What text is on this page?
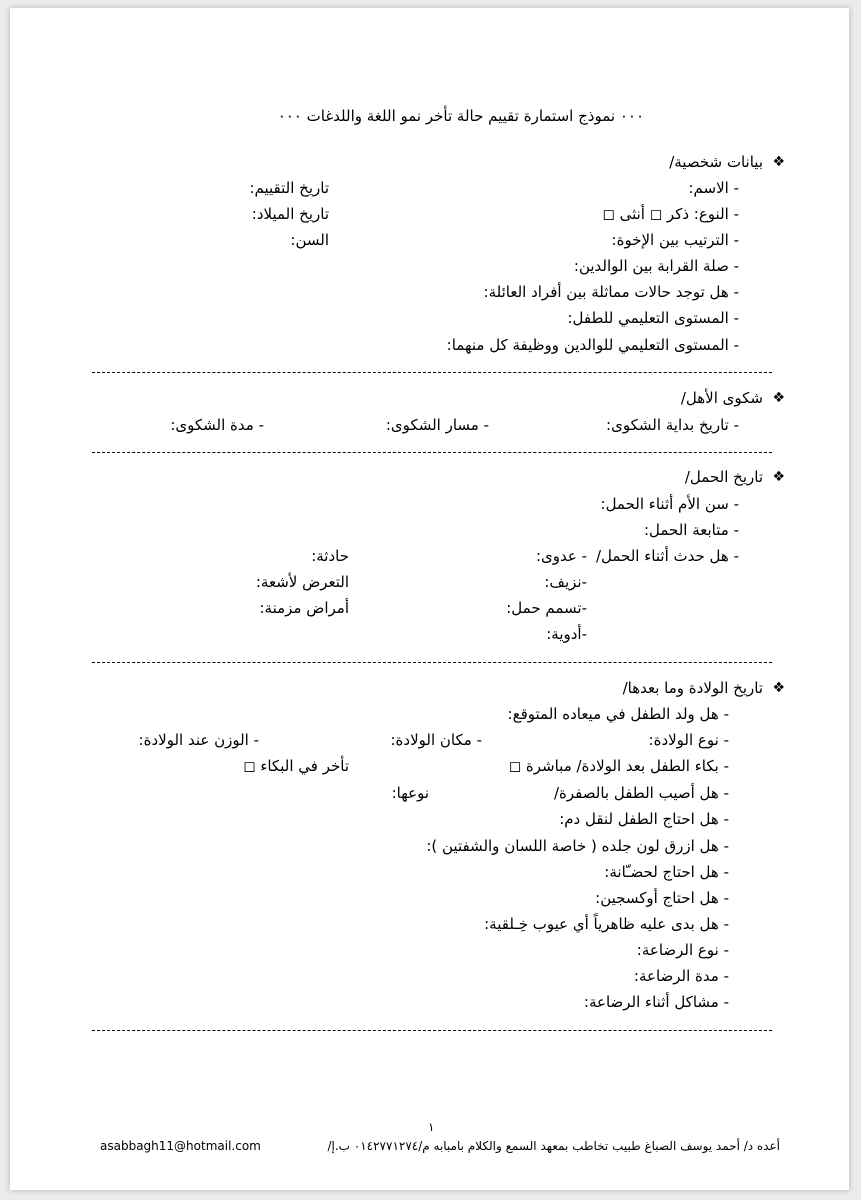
٠٠٠ نموذج استمارة تقييم حالة تأخر نمو اللغة واللدغات ٠٠٠
❖
بيانات شخصية/
- الاسم:
تاريخ التقييم:
- النوع: ذكر ◻ أنثى ◻
تاريخ الميلاد:
- الترتيب بين الإخوة:
السن:
- صلة القرابة بين الوالدين:
- هل توجد حالات مماثلة بين أفراد العائلة:
- المستوى التعليمي للطفل:
- المستوى التعليمي للوالدين ووظيفة كل منهما:
❖
شكوى الأهل/
- تاريخ بداية الشكوى:
- مسار الشكوى:
- مدة الشكوى:
❖
تاريخ الحمل/
- سن الأم أثناء الحمل:
- متابعة الحمل:
- هل حدث أثناء الحمل/
- عدوى:
حادثة:
-نزيف:
التعرض لأشعة:
-تسمم حمل:
أمراض مزمنة:
-أدوية:
❖
تاريخ الولادة وما بعدها/
- هل ولد الطفل في ميعاده المتوقع:
- نوع الولادة:
- مكان الولادة:
- الوزن عند الولادة:
- بكاء الطفل بعد الولادة/ مباشرة ◻
تأخر في البكاء ◻
- هل أصيب الطفل بالصفرة/
نوعها:
- هل احتاج الطفل لنقل دم:
- هل ازرق لون جلده ( خاصة اللسان والشفتين ):
- هل احتاج لحضـّانة:
- هل احتاج أوكسجين:
- هل بدى عليه ظاهرياً أي عيوب خِـلقية:
- نوع الرضاعة:
- مدة الرضاعة:
- مشاكل أثناء الرضاعة:
١
أعده د/ أحمد يوسف الصباغ طبيب تخاطب بمعهد السمع والكلام بامبابه م/٠١٤٢٧٧١٢٧٤ ب.إ/
asabbagh11@hotmail.com
